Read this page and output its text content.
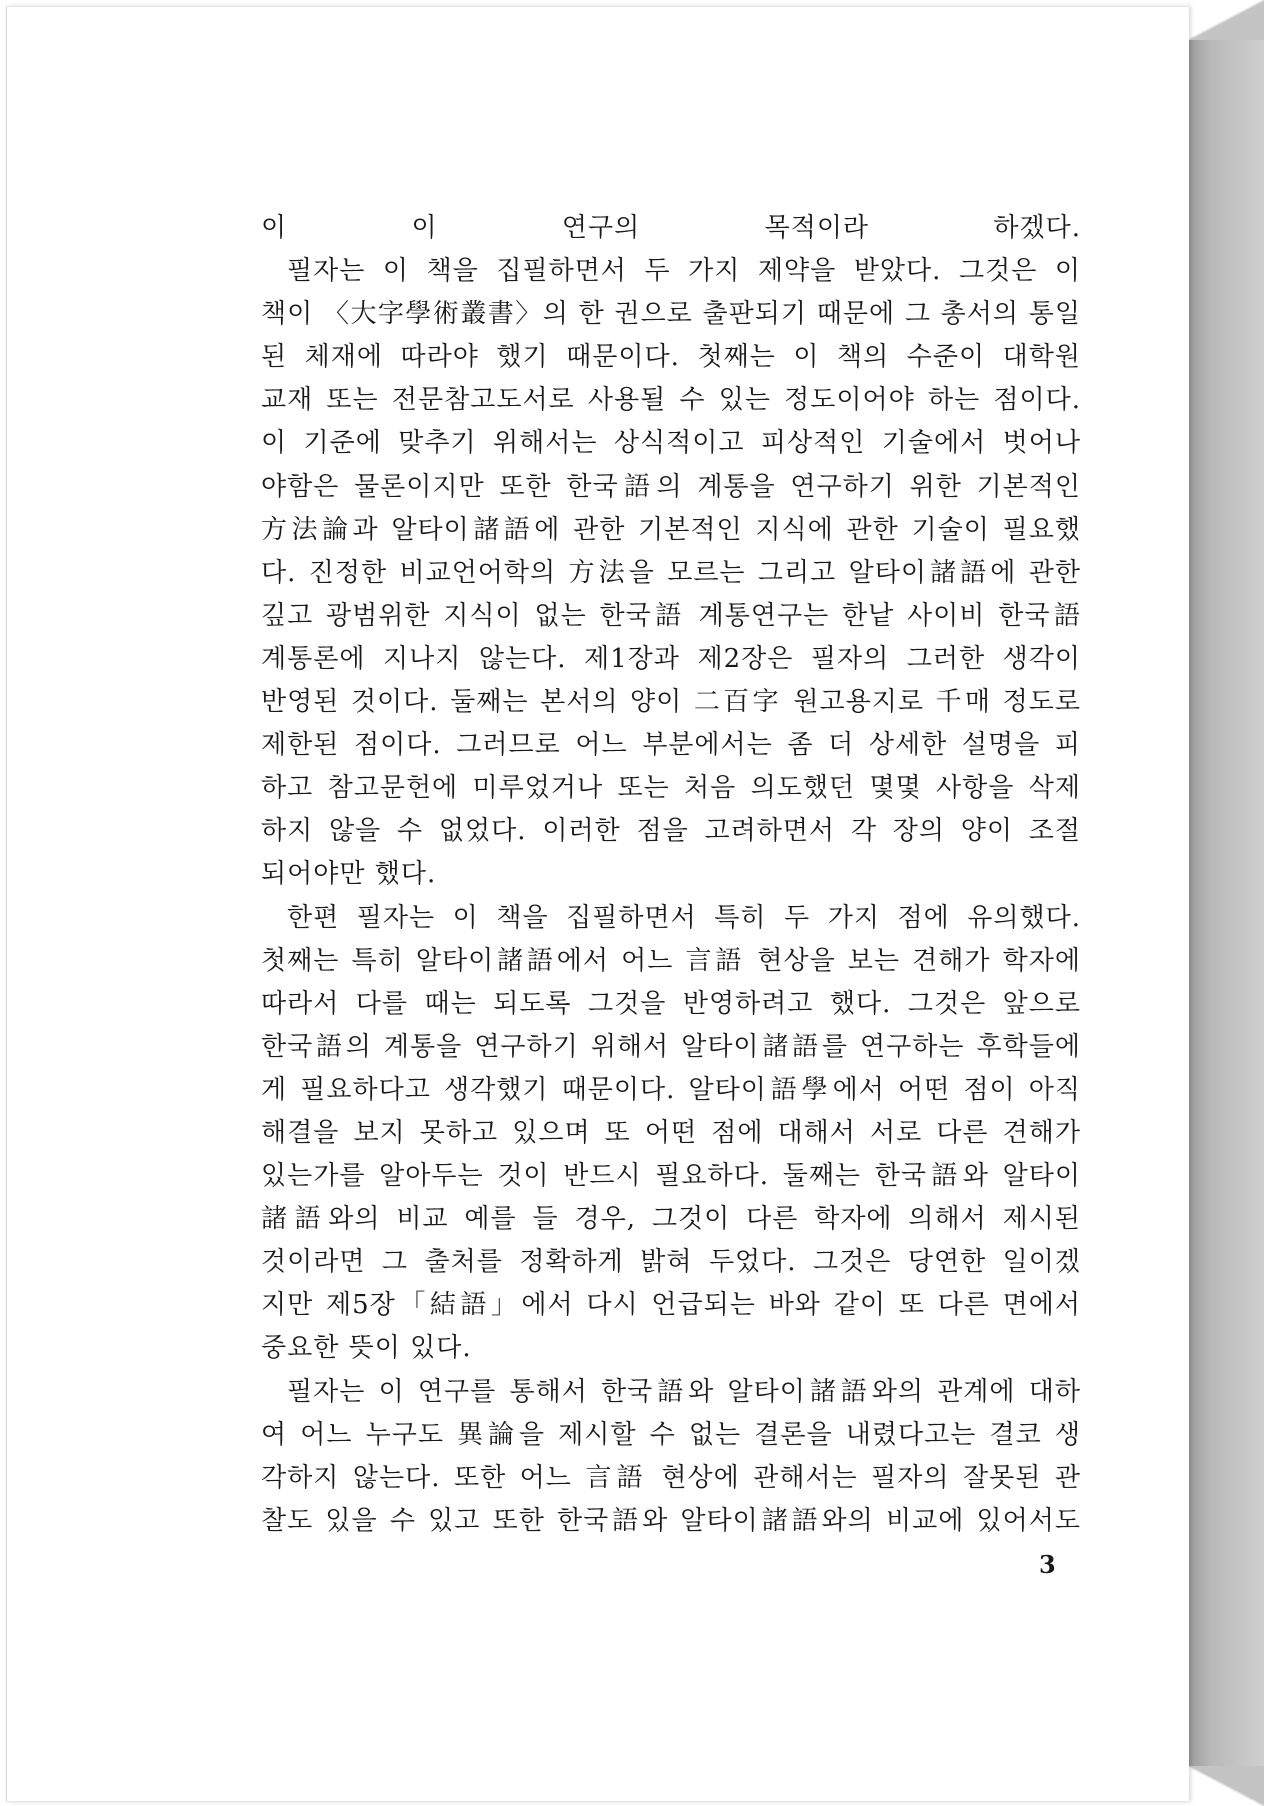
이 이 연구의 목적이라 하겠다.
필자는 이 책을 집필하면서 두 가지 제약을 받았다. 그것은 이
책이 〈大字學術叢書〉의 한 권으로 출판되기 때문에 그 총서의 통일
된 체재에 따라야 했기 때문이다. 첫째는 이 책의 수준이 대학원
교재 또는 전문참고도서로 사용될 수 있는 정도이어야 하는 점이다.
이 기준에 맞추기 위해서는 상식적이고 피상적인 기술에서 벗어나
야함은 물론이지만 또한 한국語의 계통을 연구하기 위한 기본적인
方法論과 알타이諸語에 관한 기본적인 지식에 관한 기술이 필요했
다. 진정한 비교언어학의 方法을 모르는 그리고 알타이諸語에 관한
깊고 광범위한 지식이 없는 한국語 계통연구는 한낱 사이비 한국語
계통론에 지나지 않는다. 제1장과 제2장은 필자의 그러한 생각이
반영된 것이다. 둘째는 본서의 양이 二百字 원고용지로 千매 정도로
제한된 점이다. 그러므로 어느 부분에서는 좀 더 상세한 설명을 피
하고 참고문헌에 미루었거나 또는 처음 의도했던 몇몇 사항을 삭제
하지 않을 수 없었다. 이러한 점을 고려하면서 각 장의 양이 조절
되어야만 했다.
한편 필자는 이 책을 집필하면서 특히 두 가지 점에 유의했다.
첫째는 특히 알타이諸語에서 어느 言語 현상을 보는 견해가 학자에
따라서 다를 때는 되도록 그것을 반영하려고 했다. 그것은 앞으로
한국語의 계통을 연구하기 위해서 알타이諸語를 연구하는 후학들에
게 필요하다고 생각했기 때문이다. 알타이語學에서 어떤 점이 아직
해결을 보지 못하고 있으며 또 어떤 점에 대해서 서로 다른 견해가
있는가를 알아두는 것이 반드시 필요하다. 둘째는 한국語와 알타이
諸語와의 비교 예를 들 경우, 그것이 다른 학자에 의해서 제시된
것이라면 그 출처를 정확하게 밝혀 두었다. 그것은 당연한 일이겠
지만 제5장「結語」에서 다시 언급되는 바와 같이 또 다른 면에서
중요한 뜻이 있다.
필자는 이 연구를 통해서 한국語와 알타이諸語와의 관계에 대하
여 어느 누구도 異論을 제시할 수 없는 결론을 내렸다고는 결코 생
각하지 않는다. 또한 어느 言語 현상에 관해서는 필자의 잘못된 관
찰도 있을 수 있고 또한 한국語와 알타이諸語와의 비교에 있어서도
3
